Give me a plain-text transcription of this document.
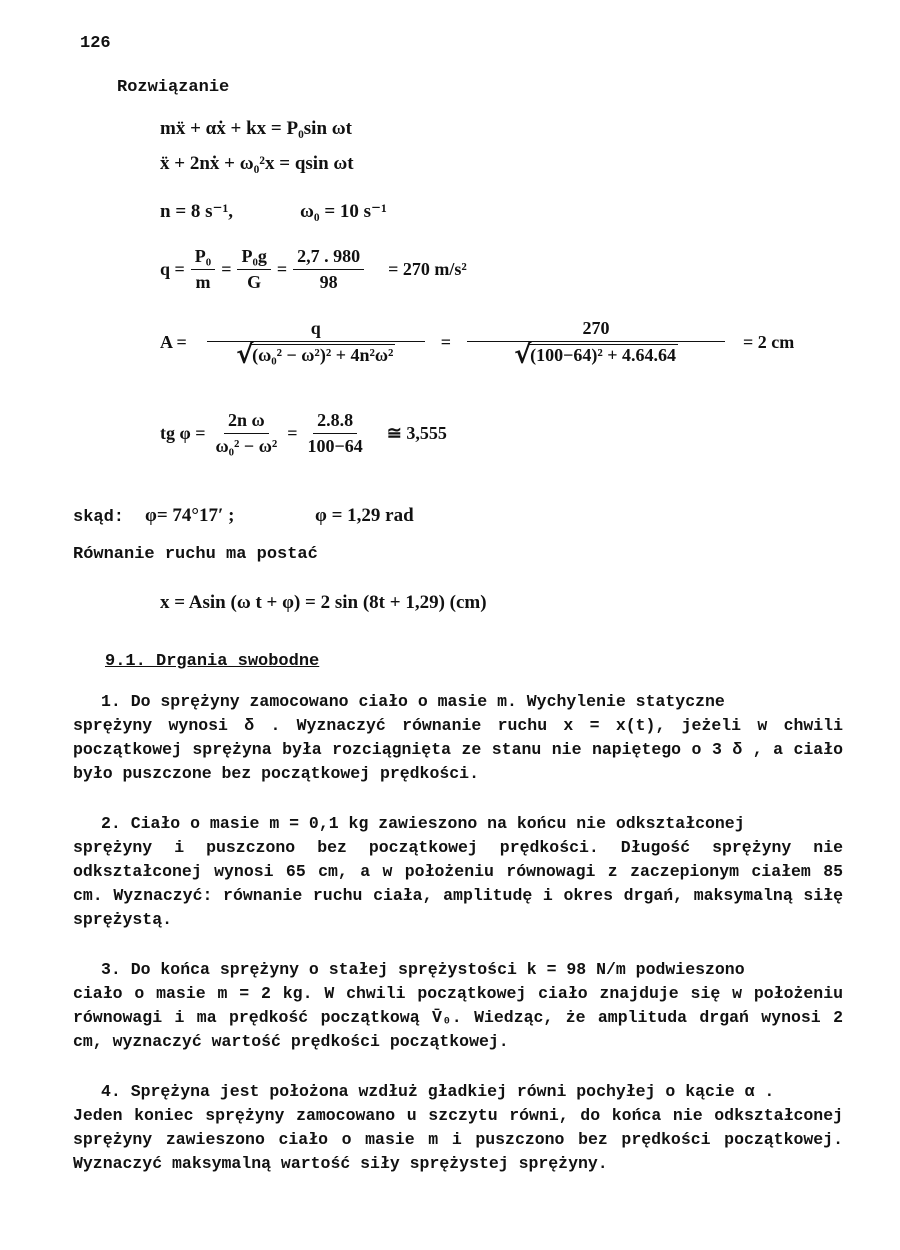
126
Rozwiązanie
mẍ + αẋ + kx = P₀sin ωt
ẍ + 2nẋ + ω₀²x = qsin ωt
n = 8 s⁻¹,	ω₀ = 10 s⁻¹
$q = \frac{\text{P₀}}{m} = \frac{\text{P₀g}}{G} = \frac{2,7 . 980}{98} = 270$ m/s²
A = q
√
(ω₀² − ω²)² + 4n²ω² = 270
√
(100−64)² + 4.64.64 = 2 cm
tg $\varphi = \frac{\text{2n ω}}{\text{ω₀² − ω²}} = \frac{2.8.8}{100-64}$ ≅ 3,555
skąd: φ= 74°17′ ;	φ = 1,29 rad
Równanie ruchu ma postać
x = Asin (ω t + φ) = 2 sin (8t + 1,29) (cm)
9.1. Drgania swobodne
1. Do sprężyny zamocowano ciało o masie m. Wychylenie statyczne
sprężyny wynosi δ . Wyznaczyć równanie ruchu x = x(t), jeżeli w chwili początkowej sprężyna była rozciągnięta ze stanu nie napiętego o 3 δ , a ciało było puszczone bez początkowej prędkości.
2. Ciało o masie m = 0,1 kg zawieszono na końcu nie odkształconej
sprężyny i puszczono bez początkowej prędkości. Długość sprężyny nie odkształconej wynosi 65 cm, a w położeniu równowagi z zaczepionym ciałem 85 cm. Wyznaczyć: równanie ruchu ciała, amplitudę i okres drgań, maksymalną siłę sprężystą.
3. Do końca sprężyny o stałej sprężystości k = 98 N/m podwieszono
ciało o masie m = 2 kg. W chwili początkowej ciało znajduje się w położeniu równowagi i ma prędkość początkową V̄₀. Wiedząc, że amplituda drgań wynosi 2 cm, wyznaczyć wartość prędkości początkowej.
4. Sprężyna jest położona wzdłuż gładkiej równi pochyłej o kącie α .
Jeden koniec sprężyny zamocowano u szczytu równi, do końca nie odkształconej sprężyny zawieszono ciało o masie m i puszczono bez prędkości początkowej. Wyznaczyć maksymalną wartość siły sprężystej sprężyny.
